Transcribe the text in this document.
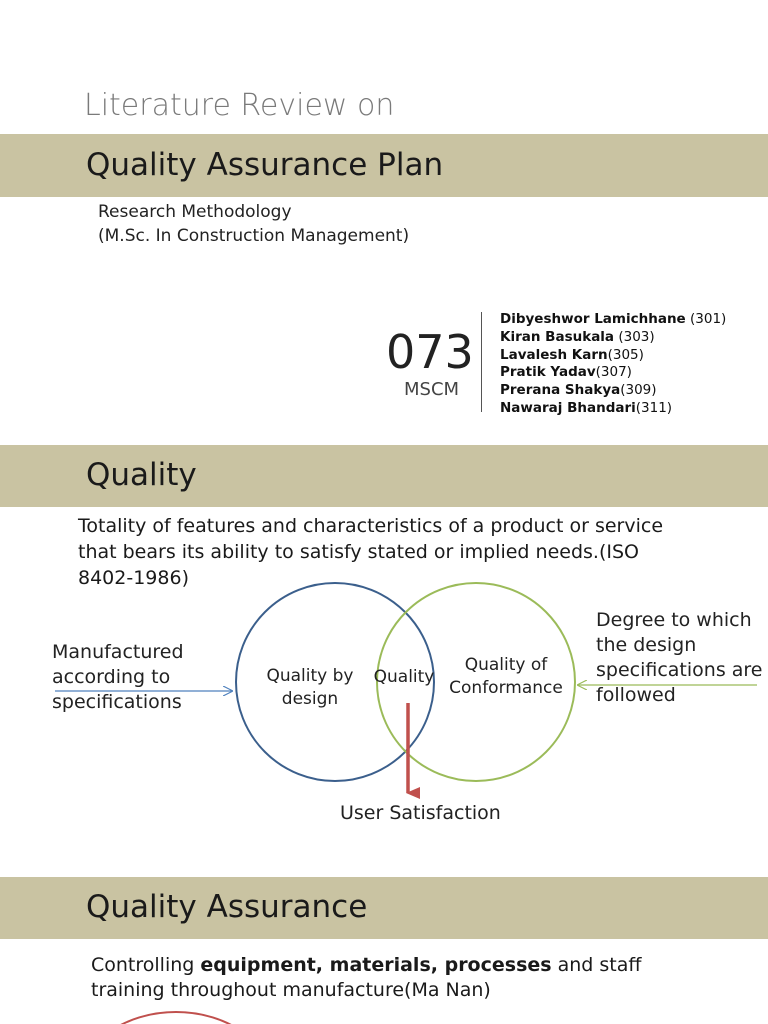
Literature Review on
Quality Assurance Plan
Research Methodology
(M.Sc. In Construction Management)
073
MSCM
Dibyeshwor Lamichhane (301)
Kiran Basukala (303)
Lavalesh Karn(305)
Pratik Yadav(307)
Prerana Shakya(309)
Nawaraj Bhandari(311)
Quality
Totality of features and characteristics of a product or service that bears its ability to satisfy stated or implied needs.(ISO 8402-1986)
Quality by design
Quality
Quality of Conformance
Manufactured according to specifications
Degree to which the design specifications are followed
User Satisfaction
Quality Assurance
Controlling equipment, materials, processes and staff training throughout manufacture(Ma Nan)
